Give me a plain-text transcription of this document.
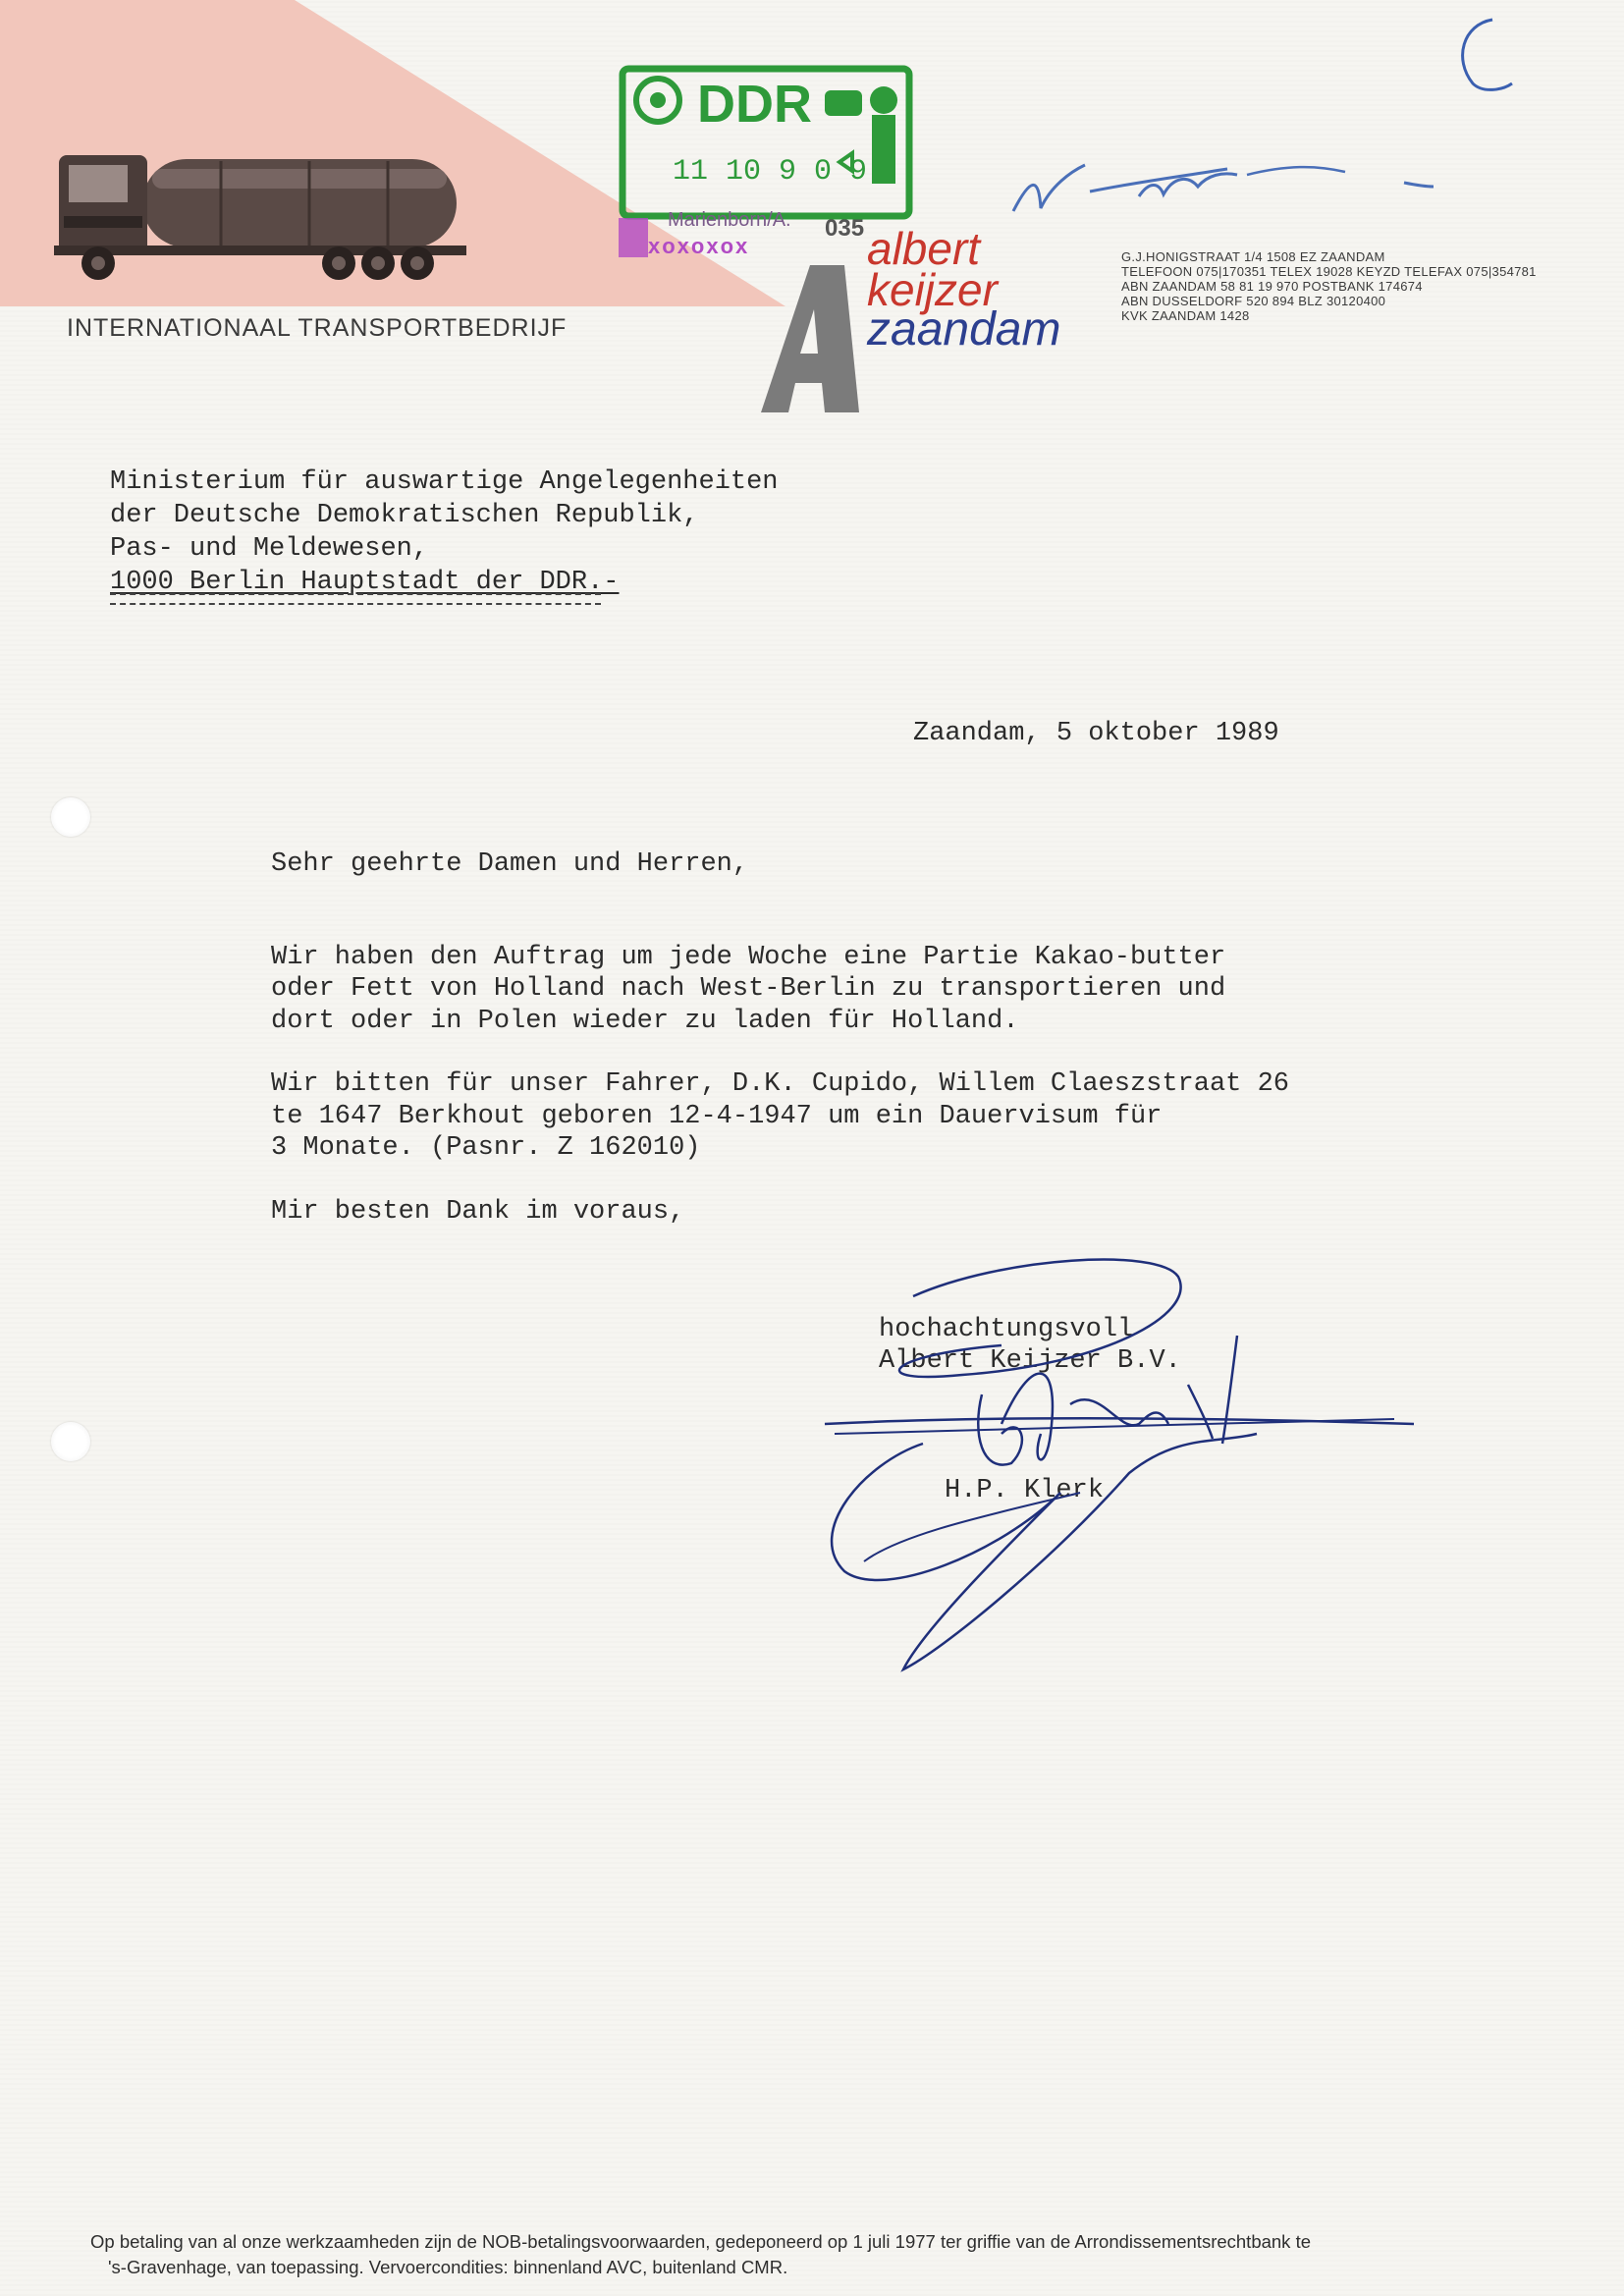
INTERNATIONAAL TRANSPORTBEDRIJF
albert
keijzer
zaandam
G.J.HONIGSTRAAT 1/4 1508 EZ ZAANDAM
TELEFOON 075|170351 TELEX 19028 KEYZD TELEFAX 075|354781
ABN ZAANDAM 58 81 19 970 POSTBANK 174674
ABN DUSSELDORF 520 894 BLZ 30120400
KVK ZAANDAM 1428
DDR
11 10 9 0 9
Marienborn/A. 035
xoxoxox
C
Ministerium für auswartige Angelegenheiten
der Deutsche Demokratischen Republik,
Pas- und Meldewesen,
1000 Berlin Hauptstadt der DDR.-
Zaandam, 5 oktober 1989

Sehr geehrte Damen und Herren,

Wir haben den Auftrag um jede Woche eine Partie Kakao-butter

oder Fett von Holland nach West-Berlin zu transportieren und

dort oder in Polen wieder zu laden für Holland.

Wir bitten für unser Fahrer, D.K. Cupido, Willem Claeszstraat 26

te 1647 Berkhout geboren 12-4-1947 um ein Dauervisum für

3 Monate. (Pasnr. Z 162010)

Mir besten Dank im voraus,

hochachtungsvoll
Albert Keijzer B.V.
H.P. Klerk
Op betaling van al onze werkzaamheden zijn de NOB-betalingsvoorwaarden, gedeponeerd op 1 juli 1977 ter griffie van de Arrondissementsrechtbank te
's-Gravenhage, van toepassing. Vervoercondities: binnenland AVC, buitenland CMR.
